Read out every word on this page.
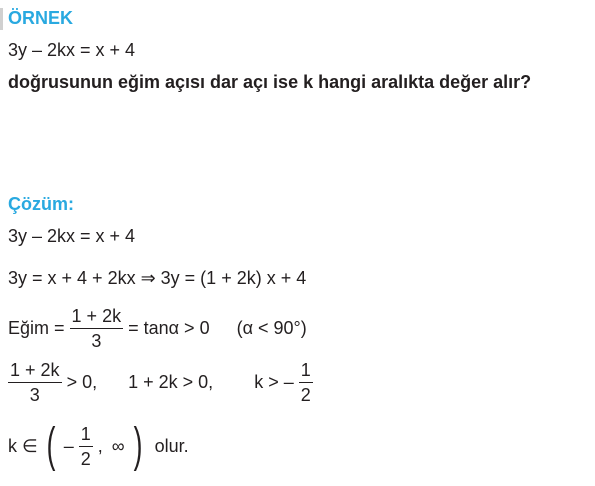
ÖRNEK
3y – 2kx = x + 4
doğrusunun eğim açısı dar açı ise k hangi aralıkta değer alır?
Çözüm:
3y – 2kx = x + 4
3y = x + 4 + 2kx ⇒ 3y = (1 + 2k) x + 4
Eğim = $\frac{1 + 2k}{3} = \tan\alpha > 0$ (α < 90°)
$\frac{1 + 2k}{3} > 0$, 1 + 2k > 0, k > – $\frac{1}{2}$
k ∈ ( – $\frac{1}{2}$ , ∞ ) olur.
